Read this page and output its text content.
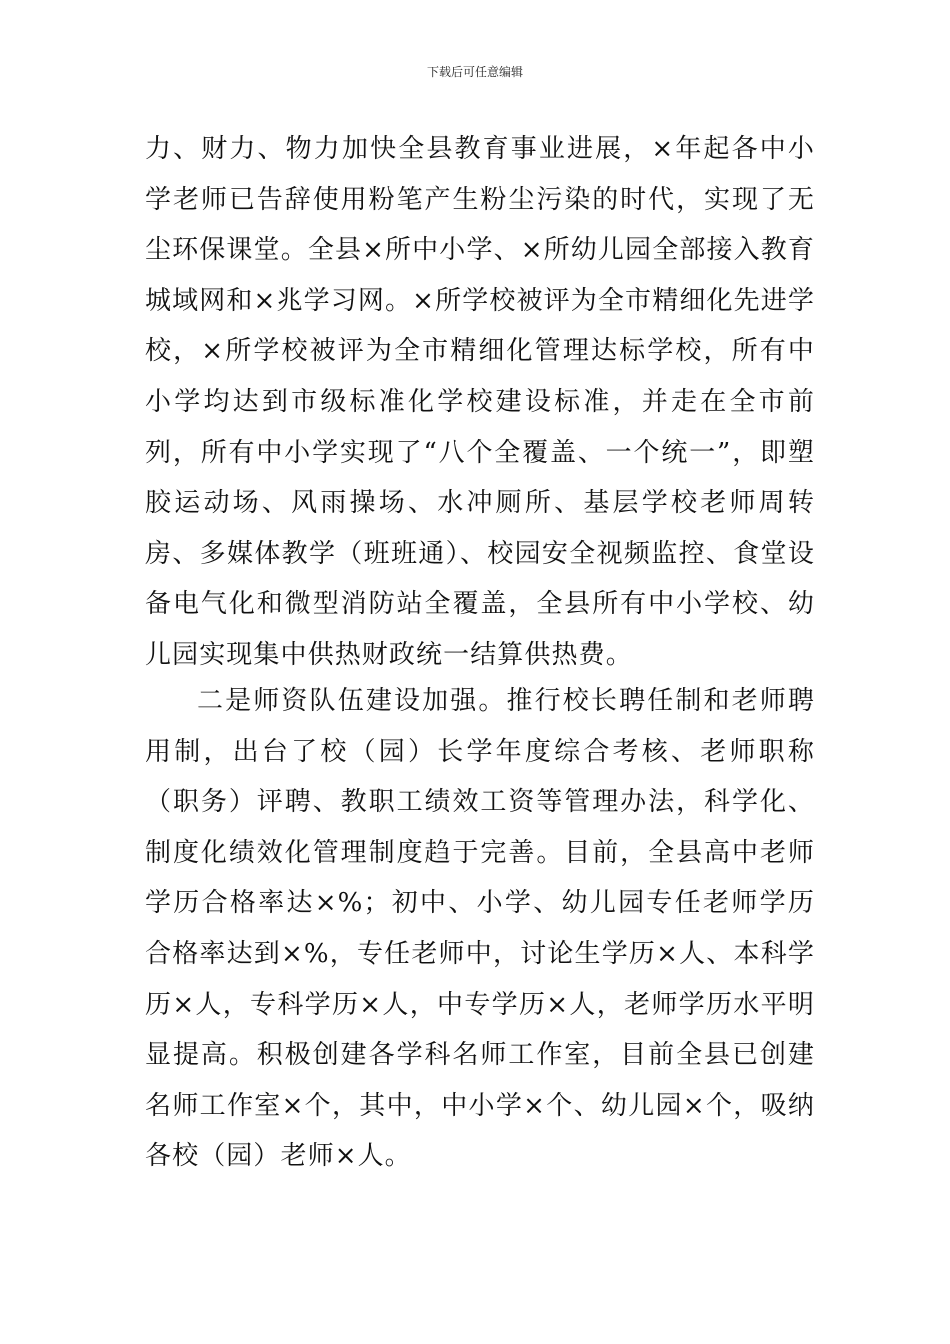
下载后可任意编辑

力、财力、物力加快全县教育事业进展，×年起各中小学老师已告辞使用粉笔产生粉尘污染的时代，实现了无尘环保课堂。全县×所中小学、×所幼儿园全部接入教育城域网和×兆学习网。×所学校被评为全市精细化先进学校，×所学校被评为全市精细化管理达标学校，所有中小学均达到市级标准化学校建设标准，并走在全市前列，所有中小学实现了“八个全覆盖、一个统一”，即塑胶运动场、风雨操场、水冲厕所、基层学校老师周转房、多媒体教学（班班通）、校园安全视频监控、食堂设备电气化和微型消防站全覆盖，全县所有中小学校、幼儿园实现集中供热财政统一结算供热费。

二是师资队伍建设加强。推行校长聘任制和老师聘用制，出台了校（园）长学年度综合考核、老师职称（职务）评聘、教职工绩效工资等管理办法，科学化、制度化绩效化管理制度趋于完善。目前，全县高中老师学历合格率达×%；初中、小学、幼儿园专任老师学历合格率达到×%，专任老师中，讨论生学历×人、本科学历×人，专科学历×人，中专学历×人，老师学历水平明显提高。积极创建各学科名师工作室，目前全县已创建名师工作室×个，其中，中小学×个、幼儿园×个，吸纳各校（园）老师×人。
